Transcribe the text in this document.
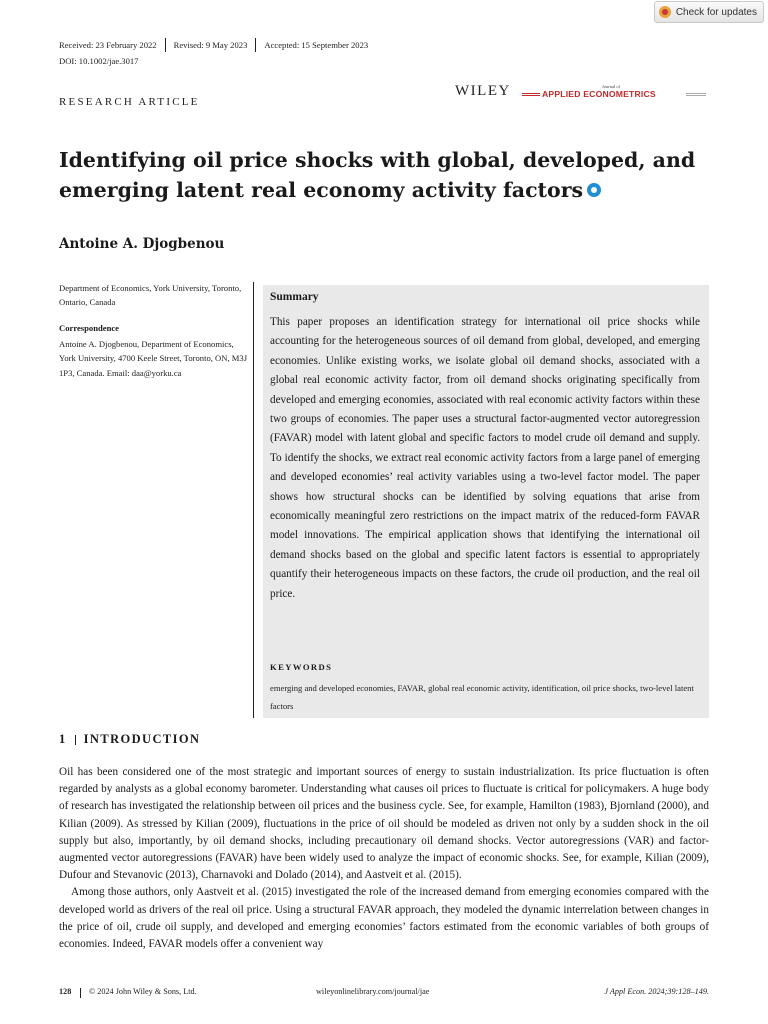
Check for updates
Received: 23 February 2022	Revised: 9 May 2023	Accepted: 15 September 2023
DOI: 10.1002/jae.3017
RESEARCH ARTICLE
WILEY	Journal of
APPLIED ECONOMETRICS
Identifying oil price shocks with global, developed, and emerging latent real economy activity factors
Antoine A. Djogbenou
Department of Economics, York University, Toronto, Ontario, Canada
Correspondence
Antoine A. Djogbenou, Department of Economics, York University, 4700 Keele Street, Toronto, ON, M3J 1P3, Canada. Email: daa@yorku.ca
Summary
This paper proposes an identification strategy for international oil price shocks while accounting for the heterogeneous sources of oil demand from global, developed, and emerging economies. Unlike existing works, we isolate global oil demand shocks, associated with a global real economic activity factor, from oil demand shocks originating specifically from developed and emerging economies, associated with real economic activity factors within these two groups of economies. The paper uses a structural factor-augmented vector autoregression (FAVAR) model with latent global and specific factors to model crude oil demand and supply. To identify the shocks, we extract real economic activity factors from a large panel of emerging and developed economies’ real activity variables using a two-level factor model. The paper shows how structural shocks can be identified by solving equations that arise from economically meaningful zero restrictions on the impact matrix of the reduced-form FAVAR model innovations. The empirical application shows that identifying the international oil demand shocks based on the global and specific latent factors is essential to appropriately quantify their heterogeneous impacts on these factors, the crude oil production, and the real oil price.
KEYWORDS
emerging and developed economies, FAVAR, global real economic activity, identification, oil price shocks, two-level latent factors
1 INTRODUCTION

Oil has been considered one of the most strategic and important sources of energy to sustain industrialization. Its price fluctuation is often regarded by analysts as a global economy barometer. Understanding what causes oil prices to fluctuate is critical for policymakers. A huge body of research has investigated the relationship between oil prices and the business cycle. See, for example, Hamilton (1983), Bjornland (2000), and Kilian (2009). As stressed by Kilian (2009), fluctuations in the price of oil should be modeled as driven not only by a sudden shock in the oil supply but also, importantly, by oil demand shocks, including precautionary oil demand shocks. Vector autoregressions (VAR) and factor-augmented vector autoregressions (FAVAR) have been widely used to analyze the impact of economic shocks. See, for example, Kilian (2009), Dufour and Stevanovic (2013), Charnavoki and Dolado (2014), and Aastveit et al. (2015).

Among those authors, only Aastveit et al. (2015) investigated the role of the increased demand from emerging economies compared with the developed world as drivers of the real oil price. Using a structural FAVAR approach, they modeled the dynamic interrelation between changes in the price of oil, crude oil supply, and developed and emerging economies’ factors estimated from the economic variables of both groups of economies. Indeed, FAVAR models offer a convenient way

128 © 2024 John Wiley & Sons, Ltd.	wileyonlinelibrary.com/journal/jae	J Appl Econ. 2024;39:128–149.
